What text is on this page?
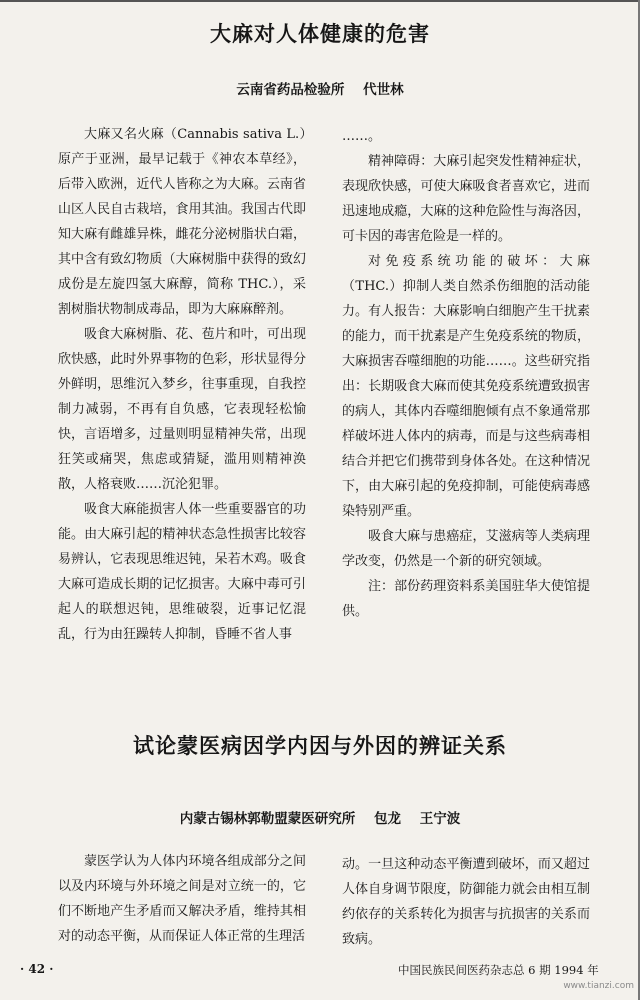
大麻对人体健康的危害
云南省药品检验所 代世林

大麻又名火麻（Cannabis sativa L.）原产于亚洲，最早记载于《神农本草经》，后带入欧洲，近代人皆称之为大麻。云南省山区人民自古栽培，食用其油。我国古代即知大麻有雌雄异株，雌花分泌树脂状白霜，其中含有致幻物质（大麻树脂中获得的致幻成份是左旋四氢大麻醇，简称 THC.），采割树脂状物制成毒品，即为大麻麻醉剂。

吸食大麻树脂、花、苞片和叶，可出现欣快感，此时外界事物的色彩，形状显得分外鲜明，思维沉入梦乡，往事重现，自我控制力减弱，不再有自负感，它表现轻松愉快，言语增多，过量则明显精神失常，出现狂笑或痛哭，焦虑或猜疑，滥用则精神涣散，人格衰败……沉沦犯罪。

吸食大麻能损害人体一些重要器官的功能。由大麻引起的精神状态急性损害比较容易辨认，它表现思维迟钝，呆若木鸡。吸食大麻可造成长期的记忆损害。大麻中毒可引起人的联想迟钝，思维破裂，近事记忆混乱，行为由狂躁转人抑制，昏睡不省人事

……。

精神障碍：大麻引起突发性精神症状，表现欣快感，可使大麻吸食者喜欢它，进而迅速地成瘾，大麻的这种危险性与海洛因，可卡因的毒害危险是一样的。

对免疫系统功能的破坏：大麻（THC.）抑制人类自然杀伤细胞的活动能力。有人报告：大麻影响白细胞产生干扰素的能力，而干扰素是产生免疫系统的物质，大麻损害吞噬细胞的功能……。这些研究指出：长期吸食大麻而使其免疫系统遭致损害的病人，其体内吞噬细胞倾有点不象通常那样破坏进人体内的病毒，而是与这些病毒相结合并把它们携带到身体各处。在这种情况下，由大麻引起的免疫抑制，可能使病毒感染特别严重。

吸食大麻与患癌症，艾滋病等人类病理学改变，仍然是一个新的研究领域。

注：部份药理资料系美国驻华大使馆提供。

试论蒙医病因学内因与外因的辨证关系
内蒙古锡林郭勒盟蒙医研究所 包龙 王宁波

蒙医学认为人体内环境各组成部分之间以及内环境与外环境之间是对立统一的，它们不断地产生矛盾而又解决矛盾，维持其相对的动态平衡，从而保证人体正常的生理活

动。一旦这种动态平衡遭到破坏，而又超过人体自身调节限度，防御能力就会由相互制约依存的关系转化为损害与抗损害的关系而致病。

· 42 ·	中国民族民间医药杂志总 6 期 1994 年
www.tianzi.com
